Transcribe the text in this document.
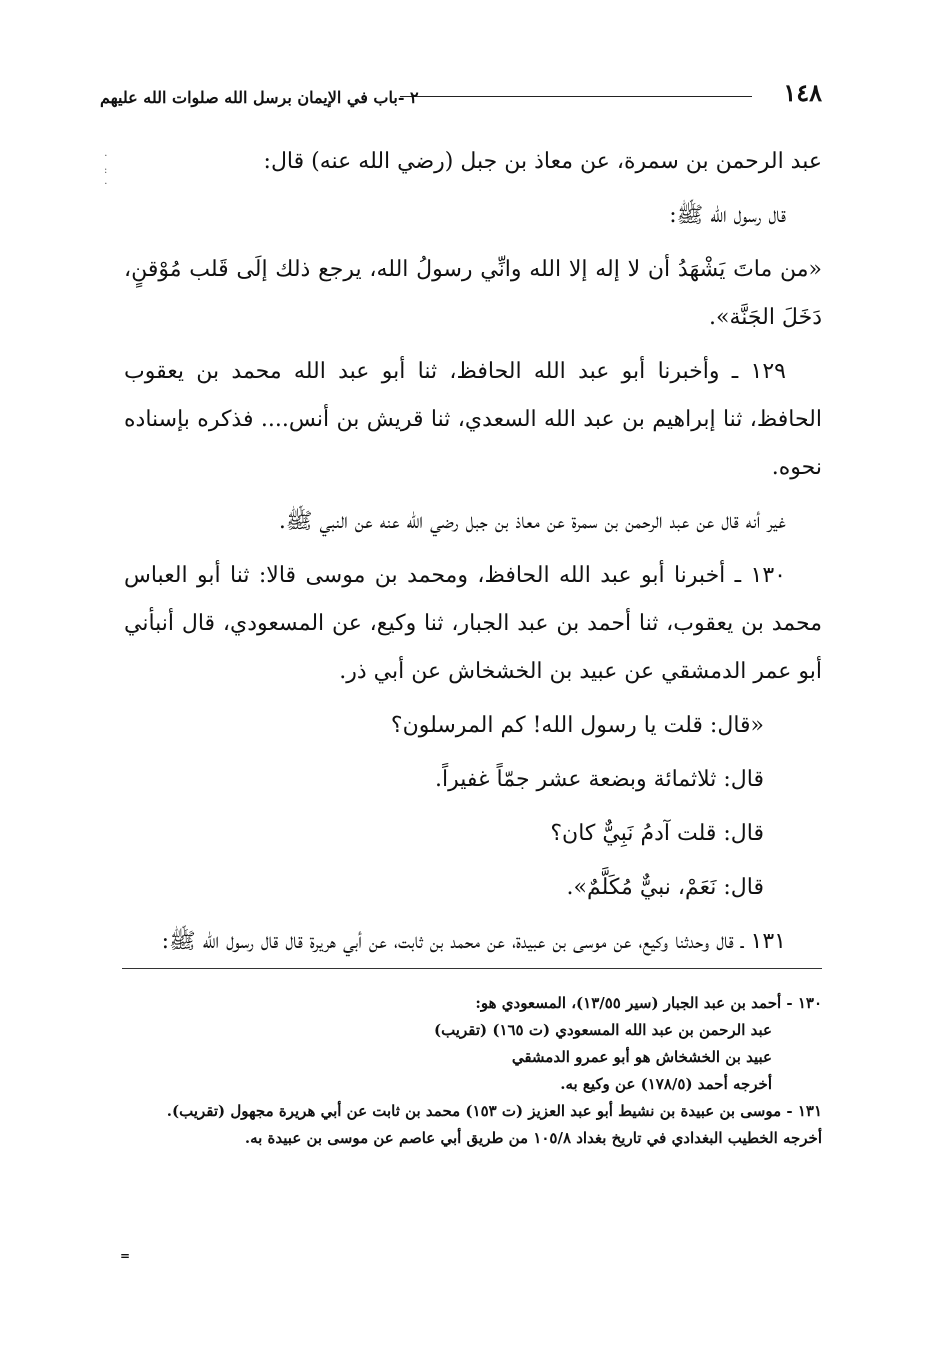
١٤٨
٢ -باب في الإيمان برسل الله صلوات الله عليهم
·
:
·

عبد الرحمن بن سمرة، عن معاذ بن جبل (رضي الله عنه) قال:

قال رسول الله ﷺ:

«من ماتَ يَشْهَدُ أن لا إله إلا الله وانِّي رسولُ الله، يرجع ذلك إلَى قَلب مُوْقنٍ، دَخَلَ الجَنَّة».

١٢٩ ـ وأخبرنا أبو عبد الله الحافظ، ثنا أبو عبد الله محمد بن يعقوب الحافظ، ثنا إبراهيم بن عبد الله السعدي، ثنا قريش بن أنس.... فذكره بإسناده نحوه.

غير أنه قال عن عبد الرحمن بن سمرة عن معاذ بن جبل رضي الله عنه عن النبي ﷺ.

١٣٠ ـ أخبرنا أبو عبد الله الحافظ، ومحمد بن موسى قالا: ثنا أبو العباس محمد بن يعقوب، ثنا أحمد بن عبد الجبار، ثنا وكيع، عن المسعودي، قال أنبأني أبو عمر الدمشقي عن عبيد بن الخشخاش عن أبي ذر.

«قال: قلت يا رسول الله! كم المرسلون؟

قال: ثلاثمائة وبضعة عشر جمّاً غفيراً.

قال: قلت آدمُ نَبِيٌّ كان؟

قال: نَعَمْ، نبيٌّ مُكَلَّمٌ».

١٣١ ـ قال وحدثنا وكيع، عن موسى بن عبيدة، عن محمد بن ثابت، عن أبي هريرة قال قال رسول الله ﷺ:

١٣٠ - أحمد بن عبد الجبار (سير ١٣/٥٥)، المسعودي هو:

عبد الرحمن بن عبد الله المسعودي (ت ١٦٥) (تقريب)

عبيد بن الخشخاش هو أبو عمرو الدمشقي

أخرجه أحمد (١٧٨/٥) عن وكيع به.

١٣١ - موسى بن عبيدة بن نشيط أبو عبد العزيز (ت ١٥٣) محمد بن ثابت عن أبي هريرة مجهول (تقريب).

أخرجه الخطيب البغدادي في تاريخ بغداد ١٠٥/٨ من طريق أبي عاصم عن موسى بن عبيدة به.

=
